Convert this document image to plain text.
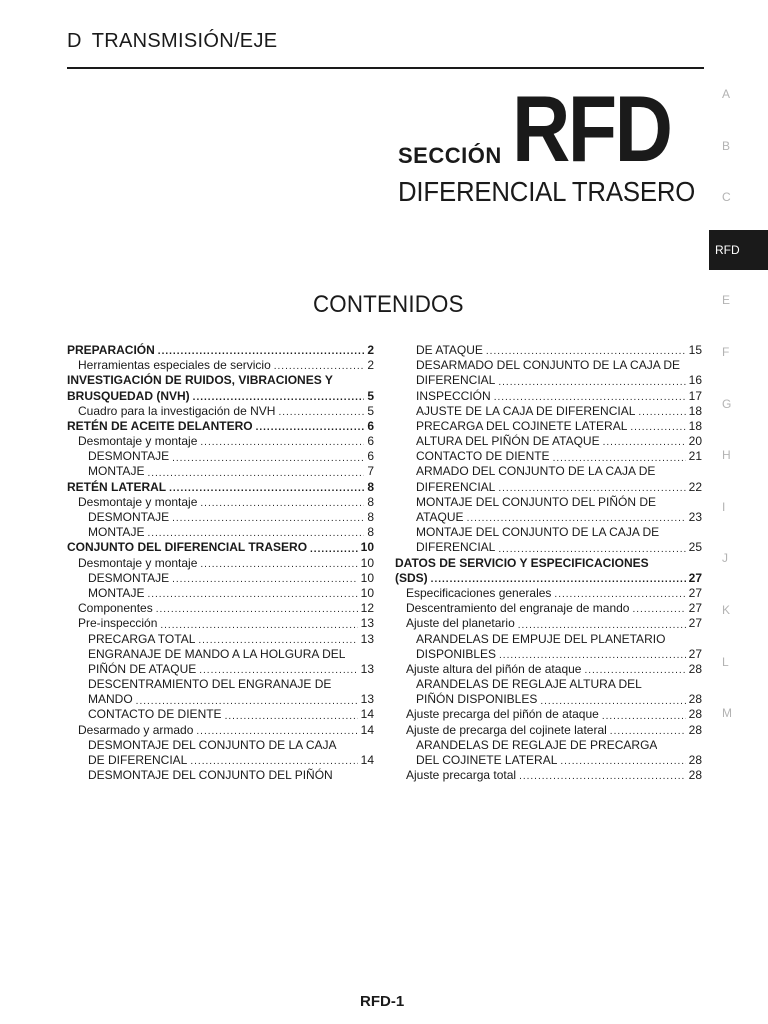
D TRANSMISIÓN/EJE
SECCIÓN RFD
DIFERENCIAL TRASERO
A
B
C
RFD
E
F
G
H
I
J
K
L
M
CONTENIDOS
PREPARACIÓN .....	2
Herramientas especiales de servicio .....	2
INVESTIGACIÓN DE RUIDOS, VIBRACIONES Y
BRUSQUEDAD (NVH) .....	5
Cuadro para la investigación de NVH .....	5
RETÉN DE ACEITE DELANTERO .....	6
Desmontaje y montaje .....	6
DESMONTAJE .....	6
MONTAJE .....	7
RETÉN LATERAL .....	8
Desmontaje y montaje .....	8
DESMONTAJE .....	8
MONTAJE .....	8
CONJUNTO DEL DIFERENCIAL TRASERO .....	10
Desmontaje y montaje .....	10
DESMONTAJE .....	10
MONTAJE .....	10
Componentes .....	12
Pre-inspección .....	13
PRECARGA TOTAL .....	13
ENGRANAJE DE MANDO A LA HOLGURA DEL
PIÑÓN DE ATAQUE .....	13
DESCENTRAMIENTO DEL ENGRANAJE DE
MANDO .....	13
CONTACTO DE DIENTE .....	14
Desarmado y armado .....	14
DESMONTAJE DEL CONJUNTO DE LA CAJA
DE DIFERENCIAL .....	14
DESMONTAJE DEL CONJUNTO DEL PIÑÓN
DE ATAQUE .....	15
DESARMADO DEL CONJUNTO DE LA CAJA DE
DIFERENCIAL .....	16
INSPECCIÓN .....	17
AJUSTE DE LA CAJA DE DIFERENCIAL .....	18
PRECARGA DEL COJINETE LATERAL .....	18
ALTURA DEL PIÑÓN DE ATAQUE .....	20
CONTACTO DE DIENTE .....	21
ARMADO DEL CONJUNTO DE LA CAJA DE
DIFERENCIAL .....	22
MONTAJE DEL CONJUNTO DEL PIÑÓN DE
ATAQUE .....	23
MONTAJE DEL CONJUNTO DE LA CAJA DE
DIFERENCIAL .....	25
DATOS DE SERVICIO Y ESPECIFICACIONES
(SDS) .....	27
Especificaciones generales .....	27
Descentramiento del engranaje de mando .....	27
Ajuste del planetario .....	27
ARANDELAS DE EMPUJE DEL PLANETARIO
DISPONIBLES .....	27
Ajuste altura del piñón de ataque .....	28
ARANDELAS DE REGLAJE ALTURA DEL
PIÑÓN DISPONIBLES .....	28
Ajuste precarga del piñón de ataque .....	28
Ajuste de precarga del cojinete lateral .....	28
ARANDELAS DE REGLAJE DE PRECARGA
DEL COJINETE LATERAL .....	28
Ajuste precarga total .....	28
RFD-1
